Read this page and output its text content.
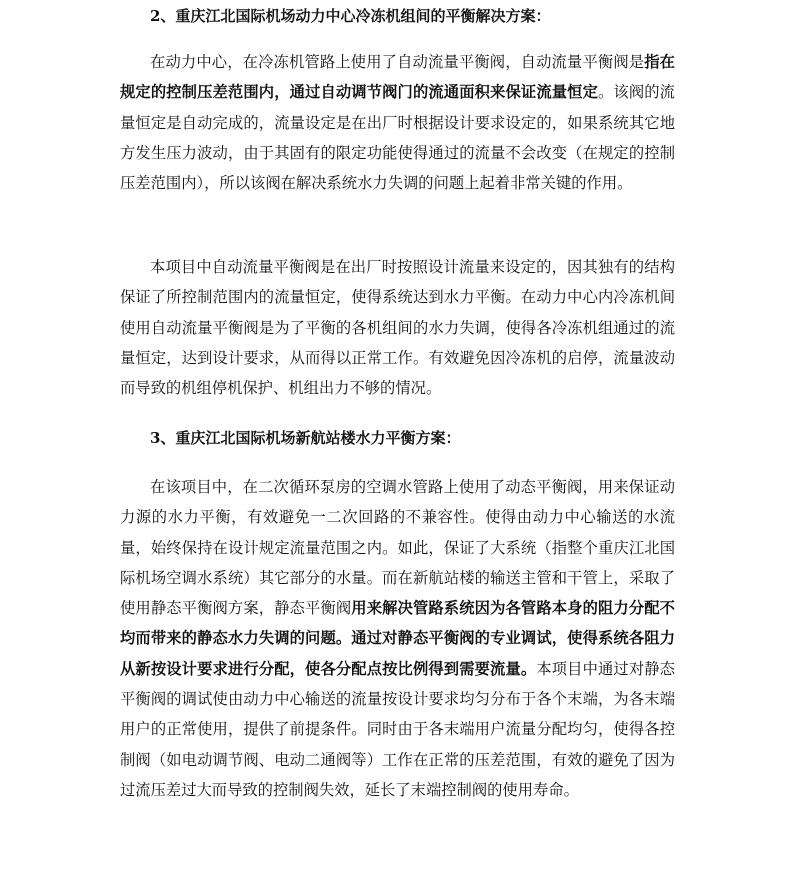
2、重庆江北国际机场动力中心冷冻机组间的平衡解决方案：

在动力中心，在冷冻机管路上使用了自动流量平衡阀，自动流量平衡阀是指在规定的控制压差范围内，通过自动调节阀门的流通面积来保证流量恒定。该阀的流量恒定是自动完成的，流量设定是在出厂时根据设计要求设定的，如果系统其它地方发生压力波动，由于其固有的限定功能使得通过的流量不会改变（在规定的控制压差范围内），所以该阀在解决系统水力失调的问题上起着非常关键的作用。

本项目中自动流量平衡阀是在出厂时按照设计流量来设定的，因其独有的结构保证了所控制范围内的流量恒定，使得系统达到水力平衡。在动力中心内冷冻机间使用自动流量平衡阀是为了平衡的各机组间的水力失调，使得各冷冻机组通过的流量恒定，达到设计要求，从而得以正常工作。有效避免因冷冻机的启停，流量波动而导致的机组停机保护、机组出力不够的情况。

3、重庆江北国际机场新航站楼水力平衡方案：

在该项目中，在二次循环泵房的空调水管路上使用了动态平衡阀，用来保证动力源的水力平衡，有效避免一二次回路的不兼容性。使得由动力中心输送的水流量，始终保持在设计规定流量范围之内。如此，保证了大系统（指整个重庆江北国际机场空调水系统）其它部分的水量。而在新航站楼的输送主管和干管上，采取了使用静态平衡阀方案，静态平衡阀用来解决管路系统因为各管路本身的阻力分配不均而带来的静态水力失调的问题。通过对静态平衡阀的专业调试，使得系统各阻力从新按设计要求进行分配，使各分配点按比例得到需要流量。本项目中通过对静态平衡阀的调试使由动力中心输送的流量按设计要求均匀分布于各个末端，为各末端用户的正常使用，提供了前提条件。同时由于各末端用户流量分配均匀，使得各控制阀（如电动调节阀、电动二通阀等）工作在正常的压差范围，有效的避免了因为过流压差过大而导致的控制阀失效，延长了末端控制阀的使用寿命。
